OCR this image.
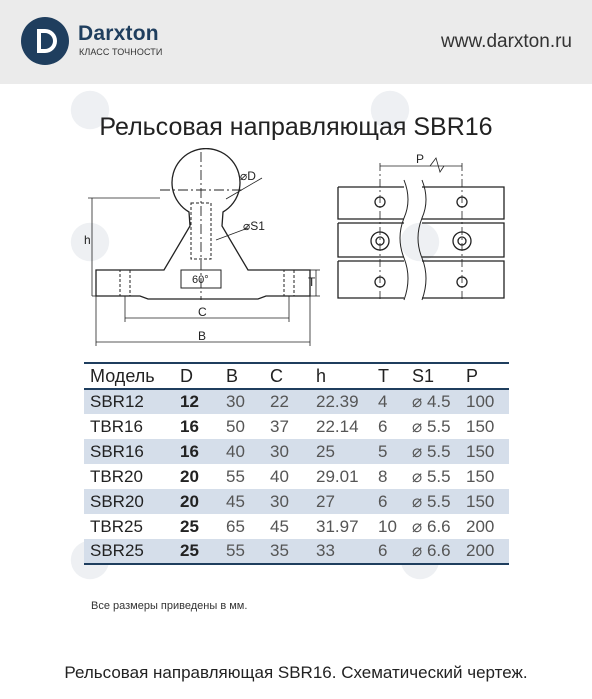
Darxton
КЛАСС ТОЧНОСТИ	www.darxton.ru
Рельсовая направляющая SBR16
⌀D
⌀S1
h
60°	T
C
B
P
Модель	D	B	C	h	T	S1	P
SBR12	12	30	22	22.39	4	⌀ 4.5	100
TBR16	16	50	37	22.14	6	⌀ 5.5	150
SBR16	16	40	30	25	5	⌀ 5.5	150
TBR20	20	55	40	29.01	8	⌀ 5.5	150
SBR20	20	45	30	27	6	⌀ 5.5	150
TBR25	25	65	45	31.97	10	⌀ 6.6	200
SBR25	25	55	35	33	6	⌀ 6.6	200
Все размеры приведены в мм.
Рельсовая направляющая SBR16. Схематический чертеж.
